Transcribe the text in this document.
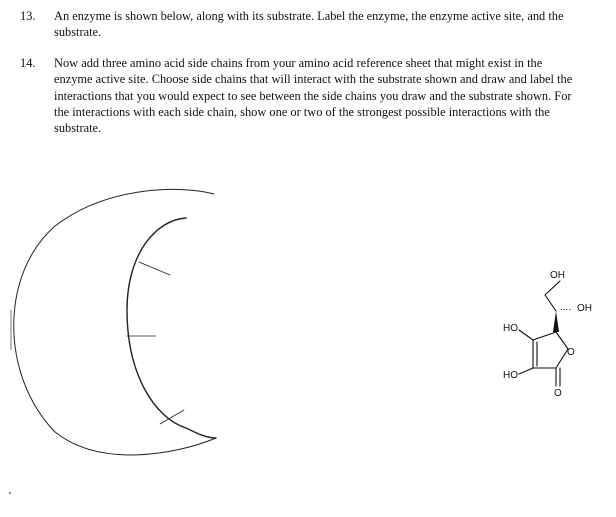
13. An enzyme is shown below, along with its substrate. Label the enzyme, the enzyme active site, and the substrate.
14. Now add three amino acid side chains from your amino acid reference sheet that might exist in the enzyme active site. Choose side chains that will interact with the substrate shown and draw and label the interactions that you would expect to see between the side chains you draw and the substrate shown. For the interactions with each side chain, show one or two of the strongest possible interactions with the substrate.
OH
.... OH
HO
O
HO
O
